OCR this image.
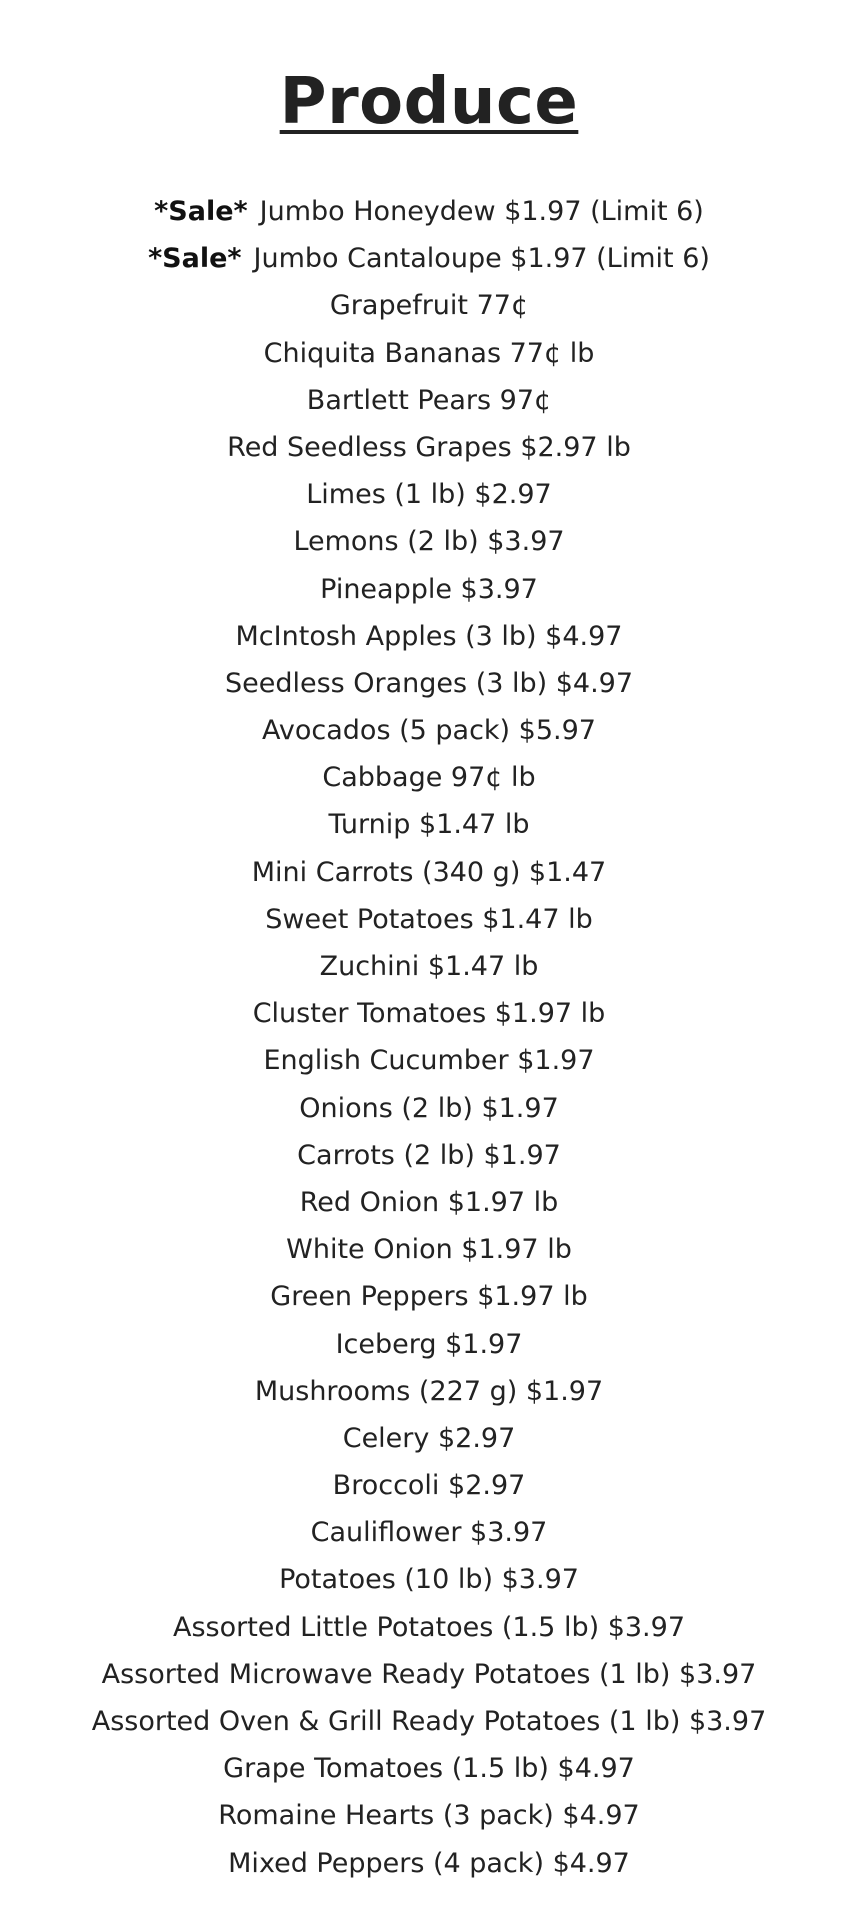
Produce
*Sale* Jumbo Honeydew $1.97 (Limit 6)
*Sale* Jumbo Cantaloupe $1.97 (Limit 6)
Grapefruit 77¢
Chiquita Bananas 77¢ lb
Bartlett Pears 97¢
Red Seedless Grapes $2.97 lb
Limes (1 lb) $2.97
Lemons (2 lb) $3.97
Pineapple $3.97
McIntosh Apples (3 lb) $4.97
Seedless Oranges (3 lb) $4.97
Avocados (5 pack) $5.97
Cabbage 97¢ lb
Turnip $1.47 lb
Mini Carrots (340 g) $1.47
Sweet Potatoes $1.47 lb
Zuchini $1.47 lb
Cluster Tomatoes $1.97 lb
English Cucumber $1.97
Onions (2 lb) $1.97
Carrots (2 lb) $1.97
Red Onion $1.97 lb
White Onion $1.97 lb
Green Peppers $1.97 lb
Iceberg $1.97
Mushrooms (227 g) $1.97
Celery $2.97
Broccoli $2.97
Cauliflower $3.97
Potatoes (10 lb) $3.97
Assorted Little Potatoes (1.5 lb) $3.97
Assorted Microwave Ready Potatoes (1 lb) $3.97
Assorted Oven & Grill Ready Potatoes (1 lb) $3.97
Grape Tomatoes (1.5 lb) $4.97
Romaine Hearts (3 pack) $4.97
Mixed Peppers (4 pack) $4.97
